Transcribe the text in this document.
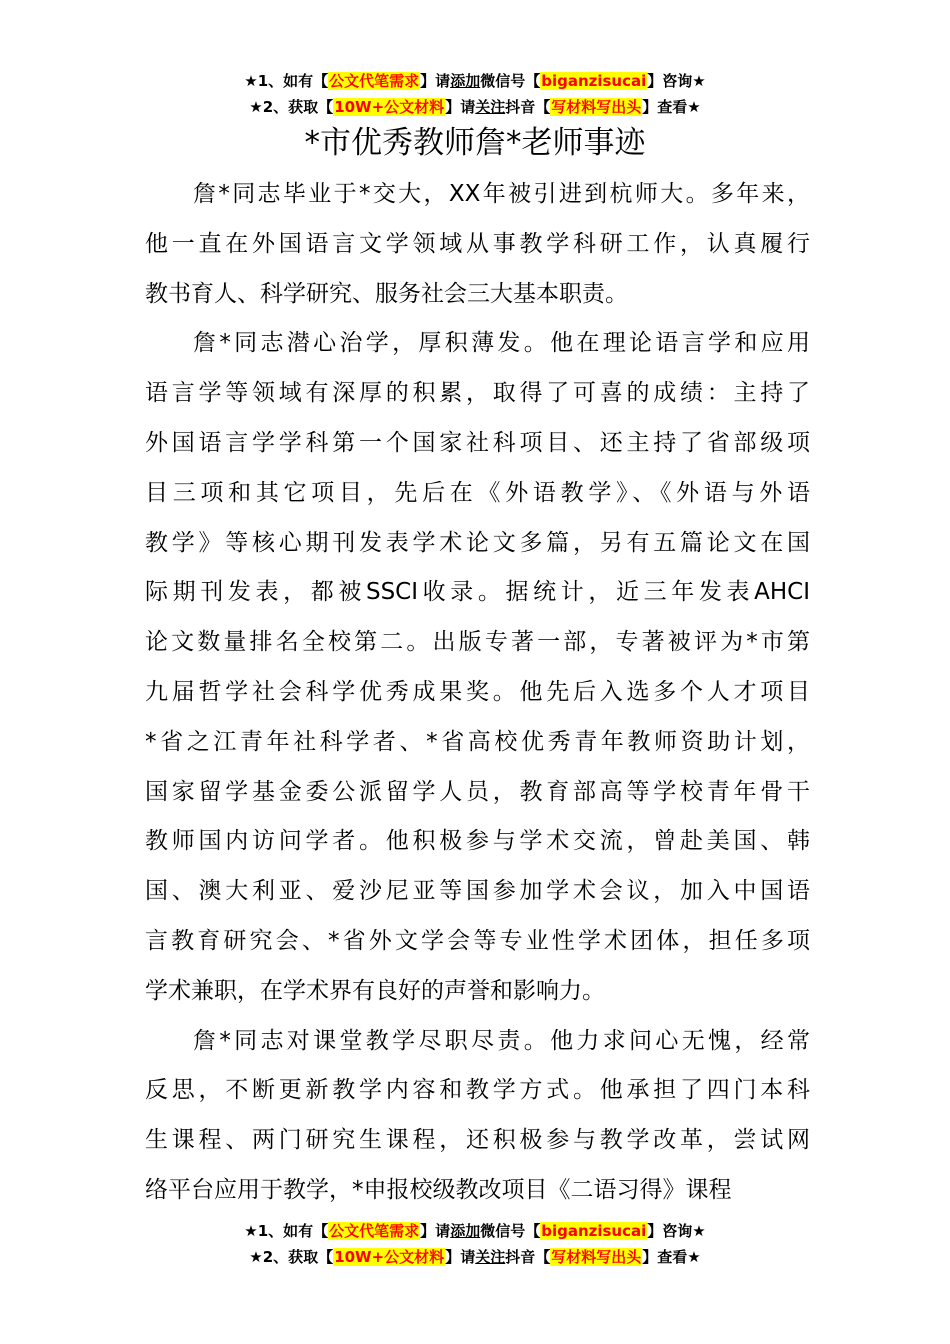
★1、如有【公文代笔需求】请添加微信号【biganzisucai】咨询★
★2、获取【10W+公文材料】请关注抖音【写材料写出头】查看★
*市优秀教师詹*老师事迹
詹*同志毕业于*交大，XX年被引进到杭师大。多年来，
他一直在外国语言文学领域从事教学科研工作，认真履行
教书育人、科学研究、服务社会三大基本职责。
詹*同志潜心治学，厚积薄发。他在理论语言学和应用
语言学等领域有深厚的积累，取得了可喜的成绩：主持了
外国语言学学科第一个国家社科项目、还主持了省部级项
目三项和其它项目，先后在《外语教学》、《外语与外语
教学》等核心期刊发表学术论文多篇，另有五篇论文在国
际期刊发表，都被SSCI收录。据统计，近三年发表AHCI
论文数量排名全校第二。出版专著一部，专著被评为*市第
九届哲学社会科学优秀成果奖。他先后入选多个人才项目
*省之江青年社科学者、*省高校优秀青年教师资助计划，
国家留学基金委公派留学人员，教育部高等学校青年骨干
教师国内访问学者。他积极参与学术交流，曾赴美国、韩
国、澳大利亚、爱沙尼亚等国参加学术会议，加入中国语
言教育研究会、*省外文学会等专业性学术团体，担任多项
学术兼职，在学术界有良好的声誉和影响力。
詹*同志对课堂教学尽职尽责。他力求问心无愧，经常
反思，不断更新教学内容和教学方式。他承担了四门本科
生课程、两门研究生课程，还积极参与教学改革，尝试网
络平台应用于教学，*申报校级教改项目《二语习得》课程
★1、如有【公文代笔需求】请添加微信号【biganzisucai】咨询★
★2、获取【10W+公文材料】请关注抖音【写材料写出头】查看★
